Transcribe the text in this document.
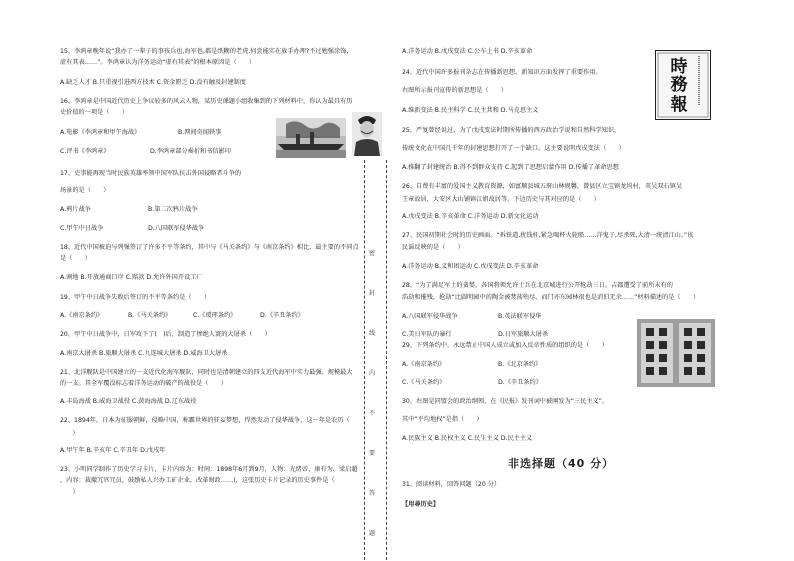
15、李鸿章晚年说“我办了一辈子的事孩兵也,海军也,都是纸糊的老虎,何尝能实在放手办理?不过勉强涂饰,
虚有其表……”。李鸿章认为洋务运动“虚有其表”的根本原因是（　　）
A.缺乏人才 B.只重视引进西方技术 C.资金匮乏 D.没有触及封建制度
16、李鸿章是中国近代历史上争议较多的风云人物，某历史课题小组收集到的下列材料中，你认为最具有历
史价值的一项是（　　）
A.电影《李鸿章和甲午海战》	B.网间奇闻轶事
C.评书《李鸿章》	D.李鸿章部分奏折和书信影印
17、史事能再现当时民族英雄率领中国军队抗击外国侵略者斗争的
场景的是（　　）
A.鸦片战争	B.第二次鸦片战争
C.甲午中日战争	D.八国联军侵华战争
18、近代中国被迫与列强签订了许多不平等条约，其中与《马关条约》与《南京条约》相比，最主要的不同点
是（　　）
A.割地 B.开放通商口岸 C.赔款 D.允许外国开设工厂
19、甲午中日战争失败后签订的不平等条约是（　　）
A.《南京条约》	B.《马关条约》	C.《瑷珲条约》	D.《辛丑条约》
20、甲午中日战争中，日军攻下了(　)后，制造了惨绝人寰的大屠杀（　　）
A.南京大屠杀 B.旅顺大屠杀 C.九连城大屠杀 D.威海卫大屠杀
21、北洋舰队是中国建立的一支近代化海军舰队，同时也是清朝建立的四支近代海军中实力最强、规模最大
的一支。其全军覆没标志着洋务运动的破产的战役是（　　）
A.丰岛海战 B.威海卫战役 C.黄海海战 D.辽东战役
22、1894年，日本为征服朝鲜，侵略中国，称霸世界的狂妄梦想，悍然发动了侵华战争，这一年是农历（
　　）
A.甲午年 B.辛亥年 C.辛丑年 D.戊戌年
23、小明同学制作了历史学习卡片，卡片内容为：时间：1898年6月到9月，人物：光绪帝、康有为、梁启超
，内容：裁撤冗官冗员，鼓励私人兴办工矿企业，改革财政……)，这张历史卡片记录的历史事件是（
　　）
密
封
线
内
不
要
答
题
A.洋务运动 B.戊戌变法 C.公车上书 D.辛亥革命
24、近代中国许多报刊杂志在传播新思想、新知识方面发挥了重要作用。
右图所示报刊宣传的新思想是（　　）
A.维新变法 B.民主科学 C.民主共和 D.马克思主义
時
務
報
25、严复曾经说过，为了戊戌变法时期所传播的西方政治学说和自然科学知识，
传统文化在中国几千年的封建思想打开了一个缺口。这主要说明戊戌变法（　　）
A.推翻了封建统治 B.得不到群众支持 C.起到了思想启蒙作用 D.传播了革命思想
26、自费有丰富的爱国主义教育资源，如富顺县城五府山林规馨，曾县区立宝镇龙坞村，英吴双石镇吴
王章故居，大安区大山铺镇江姐故居等。下边历史与其对应的是（　　）
A.戊戌变法 B.辛亥革命 C.洋务运动 D.新文化运动
27、民国初期社会时的历史画面。“拆铁道,扰钱杆,紧急喝杯火轮船……洋鬼子,尽杀死,大清一统清江山。”该
民谣反映的是（　　）
A.洋务运动 B.义和团运动 C.戊戌变法 D.辛亥革命
28、“为了满足军士的贪婪，各国将领允许士兵在北京城进行公开抢劫三日。吉都遭受了前所未有的
浩劫和摧残，抢劫“比圆明园中的陶金被焚荡殆尽，而门亦东园林很也是消旧无余……”材料描述的是（　　）
A.八国联军侵华战争	B.英法联军侵华
C.美日军队的暴行	D.日军旅顺大屠杀
29、下列条约中，永远禁止中国人成立或加入反帝性质的组织的是（　　）
A.《南京条约》	B.《北京条约》
C.《马关条约》	D.《辛丑条约》
30、右图是同盟会的政治纲领，在《民报》发刊词中被阐发为“三民主义”。
其中“平均地权”是指（　　）
A.民族主义 B.民权主义 C.民生主义 D.民主主义
非选择题（40 分）
31、阅读材料，回答问题（20 分）
【用尋历史】
